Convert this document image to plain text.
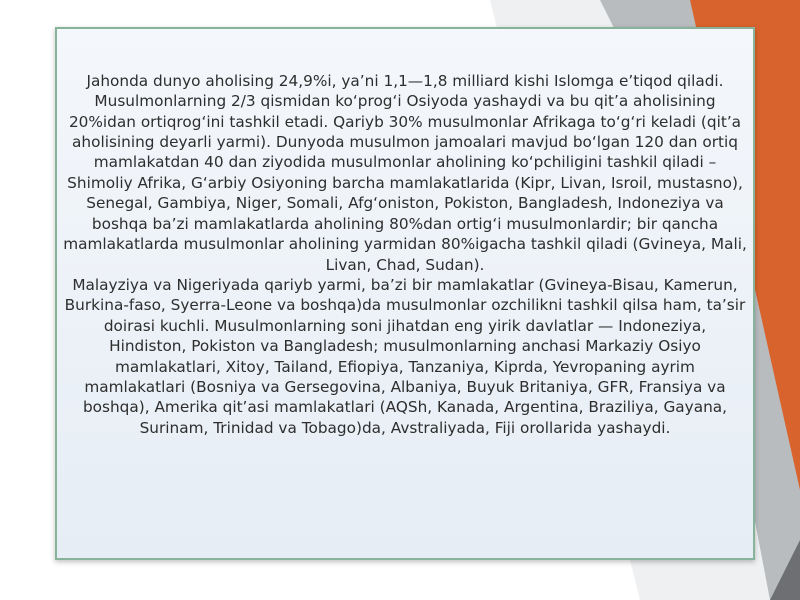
Jahonda dunyo aholising 24,9%i, ya’ni 1,1—1,8 milliard kishi Islomga e’tiqod qiladi. Musulmonlarning 2/3 qismidan ko‘prog‘i Osiyoda yashaydi va bu qit’a aholisining 20%idan ortiqrog‘ini tashkil etadi. Qariyb 30% musulmonlar Afrikaga to‘g‘ri keladi (qit’a aholisining deyarli yarmi). Dunyoda musulmon jamoalari mavjud bo‘lgan 120 dan ortiq mamlakatdan 40 dan ziyodida musulmonlar aholining ko‘pchiligini tashkil qiladi – Shimoliy Afrika, G‘arbiy Osiyoning barcha mamlakatlarida (Kipr, Livan, Isroil, mustasno), Senegal, Gambiya, Niger, Somali, Afg‘oniston, Pokiston, Bangladesh, Indoneziya va boshqa ba’zi mamlakatlarda aholining 80%dan ortig‘i musulmonlardir; bir qancha mamlakatlarda musulmonlar aholining yarmidan 80%igacha tashkil qiladi (Gvineya, Mali, Livan, Chad, Sudan).

Malayziya va Nigeriyada qariyb yarmi, ba’zi bir mamlakatlar (Gvineya-Bisau, Kamerun, Burkina-faso, Syerra-Leone va boshqa)da musulmonlar ozchilikni tashkil qilsa ham, ta’sir doirasi kuchli. Musulmonlarning soni jihatdan eng yirik davlatlar — Indoneziya, Hindiston, Pokiston va Bangladesh; musulmonlarning anchasi Markaziy Osiyo mamlakatlari, Xitoy, Tailand, Efiopiya, Tanzaniya, Kiprda, Yevropaning ayrim mamlakatlari (Bosniya va Gersegovina, Albaniya, Buyuk Britaniya, GFR, Fransiya va boshqa), Amerika qit’asi mamlakatlari (AQSh, Kanada, Argentina, Braziliya, Gayana, Surinam, Trinidad va Tobago)da, Avstraliyada, Fiji orollarida yashaydi.
